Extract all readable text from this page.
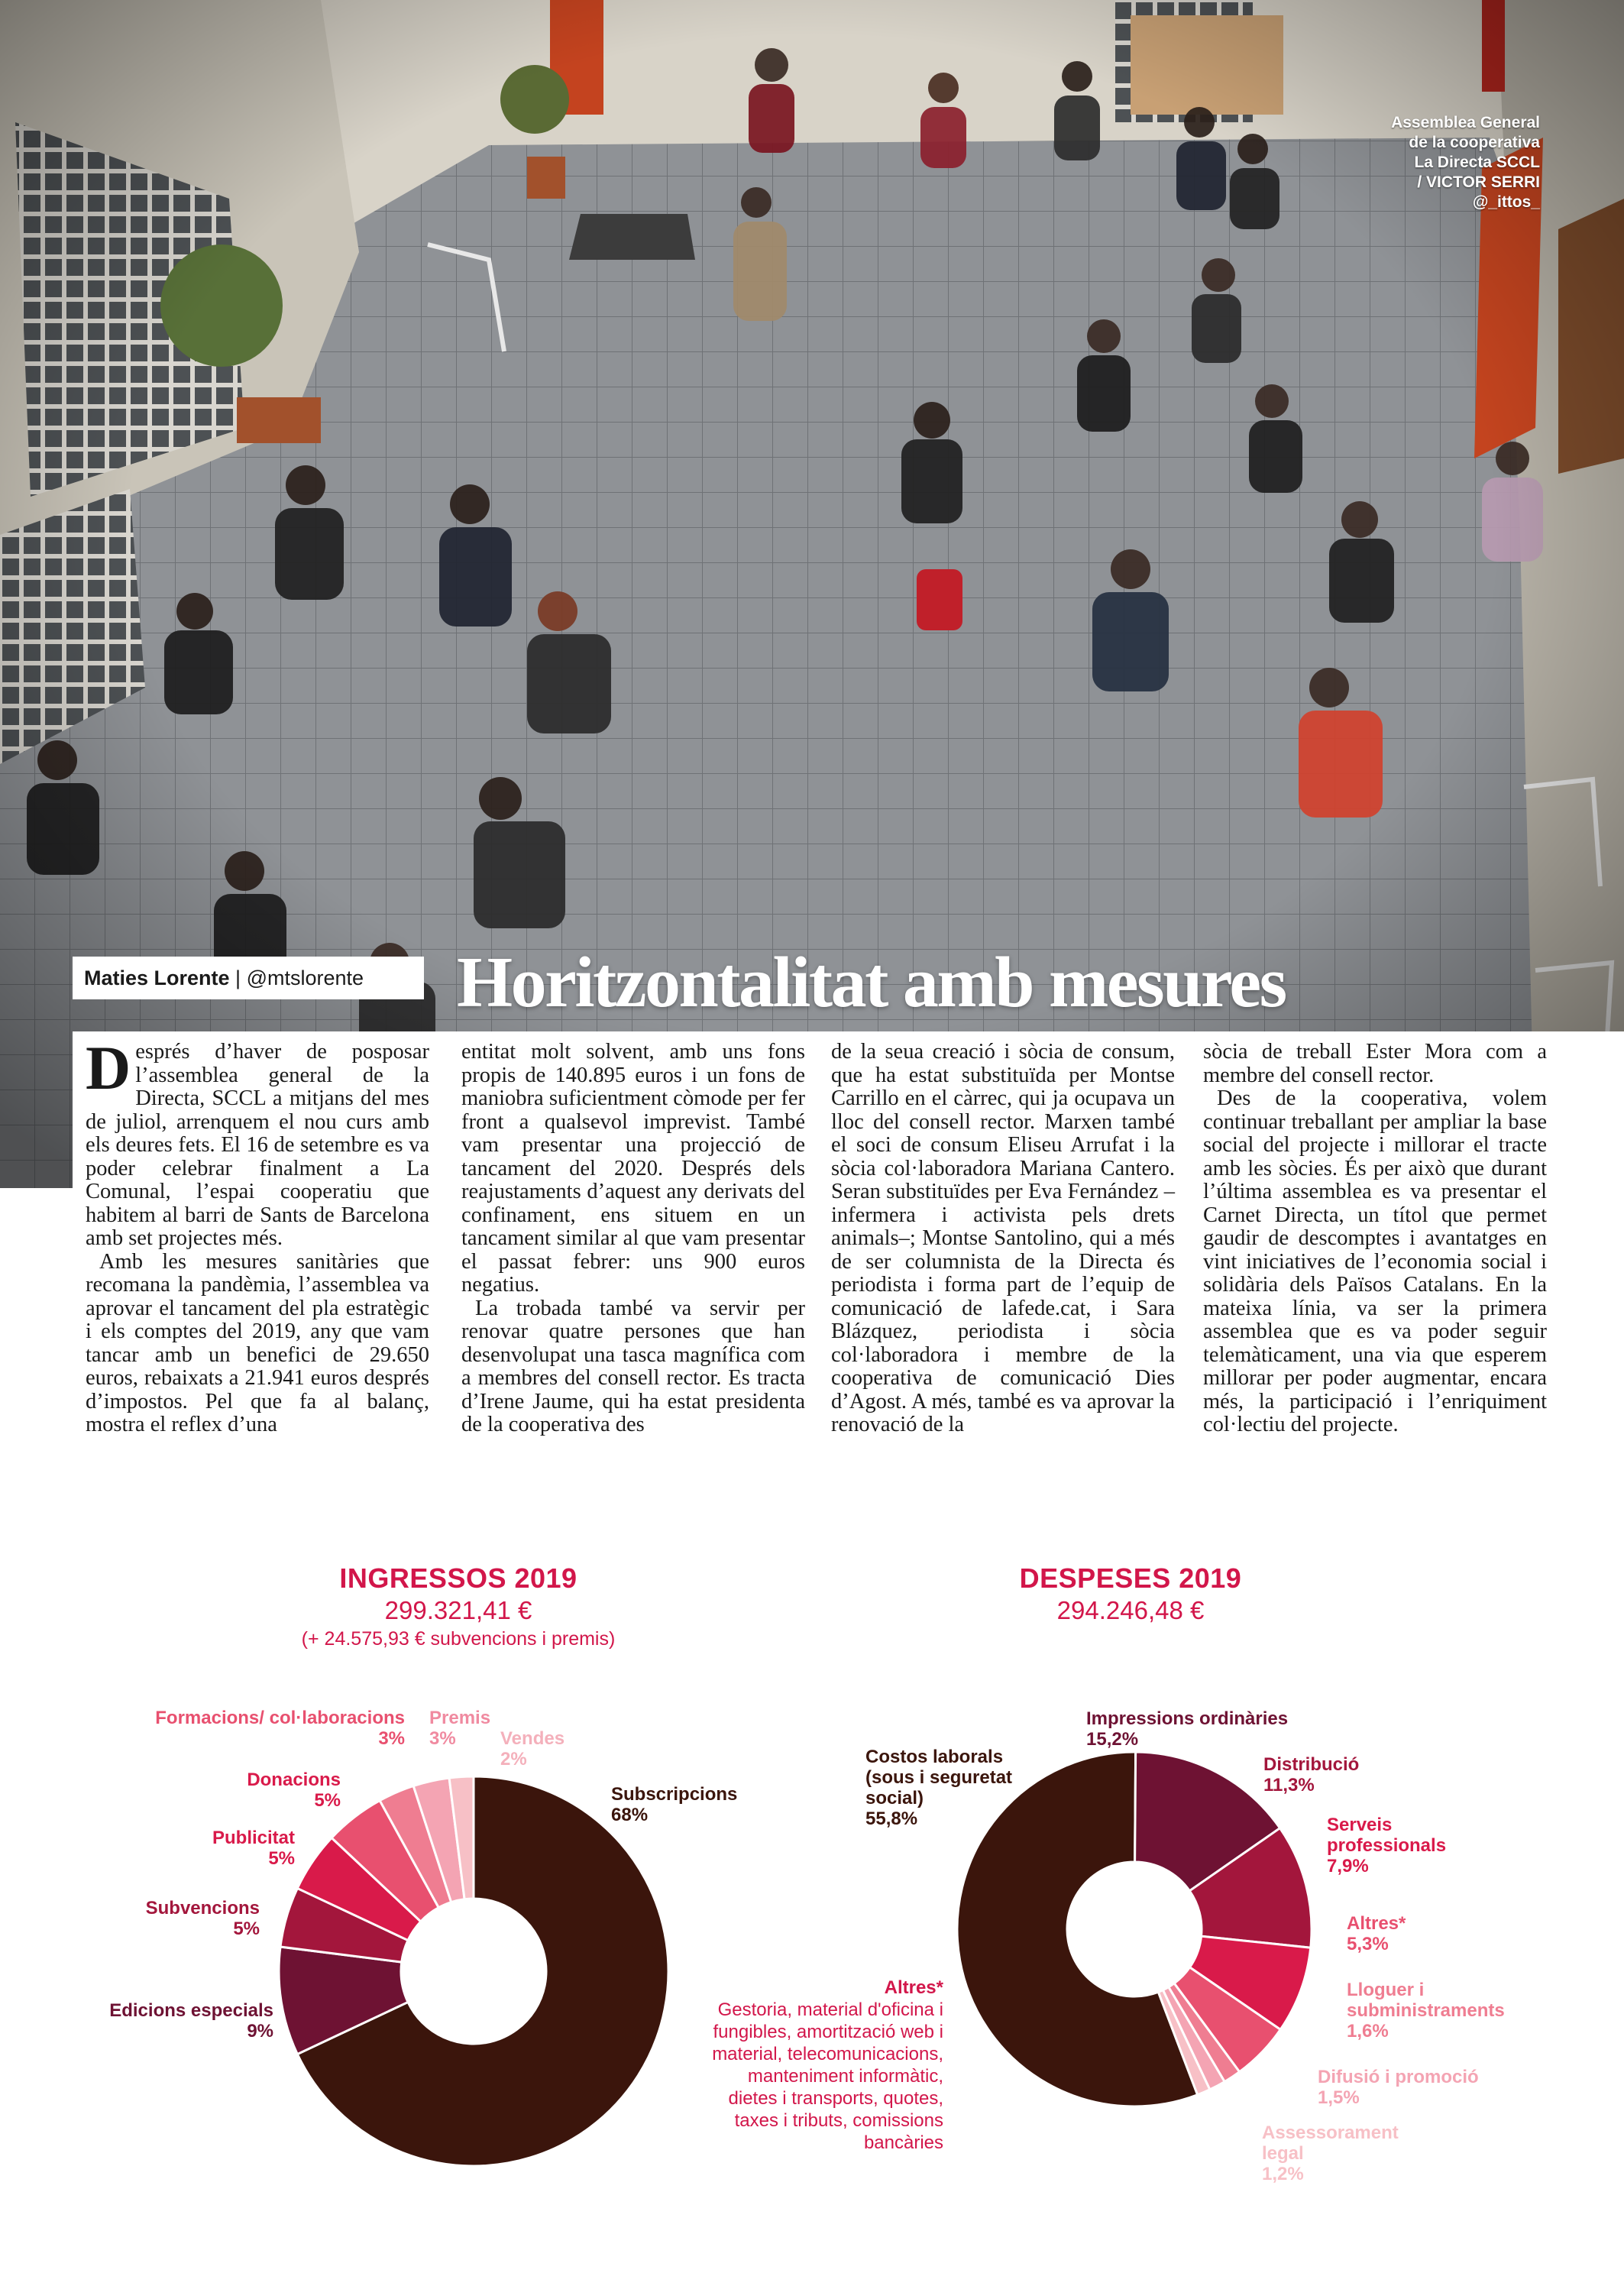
Assemblea General
de la cooperativa
La Directa SCCL
/ VICTOR SERRI
@_ittos_
Maties Lorente | @mtslorente Horitzontalitat amb mesures

Després d’haver de posposar l’assemblea general de la Directa, SCCL a mitjans del mes de juliol, arrenquem el nou curs amb els deures fets. El 16 de setembre es va poder celebrar finalment a La Comunal, l’espai cooperatiu que habitem al barri de Sants de Barcelona amb set projectes més.

Amb les mesures sanitàries que recomana la pandèmia, l’assemblea va aprovar el tancament del pla estratègic i els comptes del 2019, any que vam tancar amb un benefici de 29.650 euros, rebaixats a 21.941 euros després d’impostos. Pel que fa al balanç, mostra el reflex d’una

entitat molt solvent, amb uns fons propis de 140.895 euros i un fons de maniobra suficientment còmode per fer front a qualsevol imprevist. També vam presentar una projecció de tancament del 2020. Després dels reajustaments d’aquest any derivats del confinament, ens situem en un tancament similar al que vam presentar el passat febrer: uns 900 euros negatius.

La trobada també va servir per renovar quatre persones que han desenvolupat una tasca magnífica com a membres del consell rector. Es tracta d’Irene Jaume, qui ha estat presidenta de la cooperativa des

de la seua creació i sòcia de consum, que ha estat substituïda per Montse Carrillo en el càrrec, qui ja ocupava un lloc del consell rector. Marxen també el soci de consum Eliseu Arrufat i la sòcia col·laboradora Mariana Cantero. Seran substituïdes per Eva Fernández –infermera i activista pels drets animals–; Montse Santolino, qui a més de ser columnista de la Directa és periodista i forma part de l’equip de comunicació de lafede.cat, i Sara Blázquez, periodista i sòcia col·laboradora i membre de la cooperativa de comunicació Dies d’Agost. A més, també es va aprovar la renovació de la

sòcia de treball Ester Mora com a membre del consell rector.

Des de la cooperativa, volem continuar treballant per ampliar la base social del projecte i millorar el tracte amb les sòcies. És per això que durant l’última assemblea es va presentar el Carnet Directa, un títol que permet gaudir de descomptes i avantatges en vint iniciatives de l’economia social i solidària dels Països Catalans. En la mateixa línia, va ser la primera assemblea que es va poder seguir telemàticament, una via que esperem millorar per poder augmentar, encara més, la participació i l’enriquiment col·lectiu del projecte.

INGRESSOS 2019
299.321,41 €
(+ 24.575,93 € subvencions i premis)
Subscripcions
68%
Edicions especials
9%
Subvencions
5%
Publicitat
5%
Donacions
5%
Formacions/ col·laboracions
3%
Premis
3%	Vendes
2%
DESPESES 2019
294.246,48 €
Costos laborals (sous i seguretat social)
55,8%
Impressions ordinàries
15,2%
Distribució
11,3%
Serveis professionals
7,9%
Altres*
5,3%
Lloguer i subministraments
1,6%
Difusió i promoció
1,5%
Assessorament legal
1,2%
Altres*
Gestoria, material d'oficina i
fungibles, amortització web i
material, telecomunicacions,
manteniment informàtic,
dietes i transports, quotes,
taxes i tributs, comissions
bancàries
